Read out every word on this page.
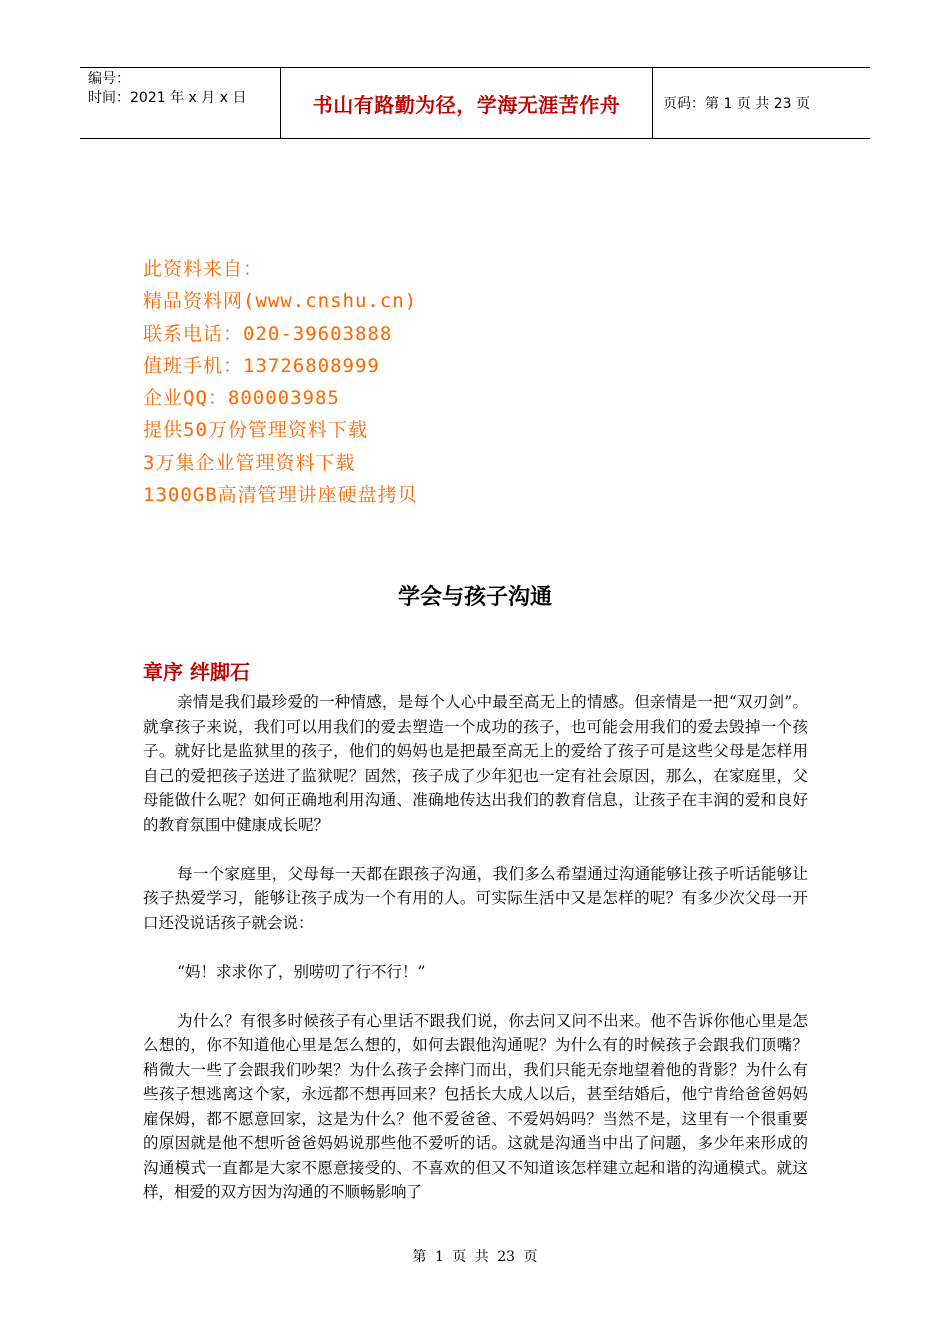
编号：
时间：2021 年 x 月 x 日	书山有路勤为径，学海无涯苦作舟	页码：第 1 页 共 23 页
此资料来自：
精品资料网(www.cnshu.cn)
联系电话：020-39603888
值班手机：13726808999
企业QQ：800003985
提供50万份管理资料下载
3万集企业管理资料下载
1300GB高清管理讲座硬盘拷贝
学会与孩子沟通
章序 绊脚石

亲情是我们最珍爱的一种情感，是每个人心中最至高无上的情感。但亲情是一把“双刃剑”。就拿孩子来说，我们可以用我们的爱去塑造一个成功的孩子，也可能会用我们的爱去毁掉一个孩子。就好比是监狱里的孩子，他们的妈妈也是把最至高无上的爱给了孩子可是这些父母是怎样用自己的爱把孩子送进了监狱呢？固然，孩子成了少年犯也一定有社会原因，那么，在家庭里，父母能做什么呢？如何正确地利用沟通、准确地传达出我们的教育信息，让孩子在丰润的爱和良好的教育氛围中健康成长呢？

每一个家庭里，父母每一天都在跟孩子沟通，我们多么希望通过沟通能够让孩子听话能够让孩子热爱学习，能够让孩子成为一个有用的人。可实际生活中又是怎样的呢？有多少次父母一开口还没说话孩子就会说：

“妈！求求你了，别唠叨了行不行！”

为什么？有很多时候孩子有心里话不跟我们说，你去问又问不出来。他不告诉你他心里是怎么想的，你不知道他心里是怎么想的，如何去跟他沟通呢？为什么有的时候孩子会跟我们顶嘴？稍微大一些了会跟我们吵架？为什么孩子会摔门而出，我们只能无奈地望着他的背影？为什么有些孩子想逃离这个家，永远都不想再回来？包括长大成人以后，甚至结婚后，他宁肯给爸爸妈妈雇保姆，都不愿意回家，这是为什么？他不爱爸爸、不爱妈妈吗？当然不是，这里有一个很重要的原因就是他不想听爸爸妈妈说那些他不爱听的话。这就是沟通当中出了问题，多少年来形成的沟通模式一直都是大家不愿意接受的、不喜欢的但又不知道该怎样建立起和谐的沟通模式。就这样，相爱的双方因为沟通的不顺畅影响了

第 1 页 共 23 页
